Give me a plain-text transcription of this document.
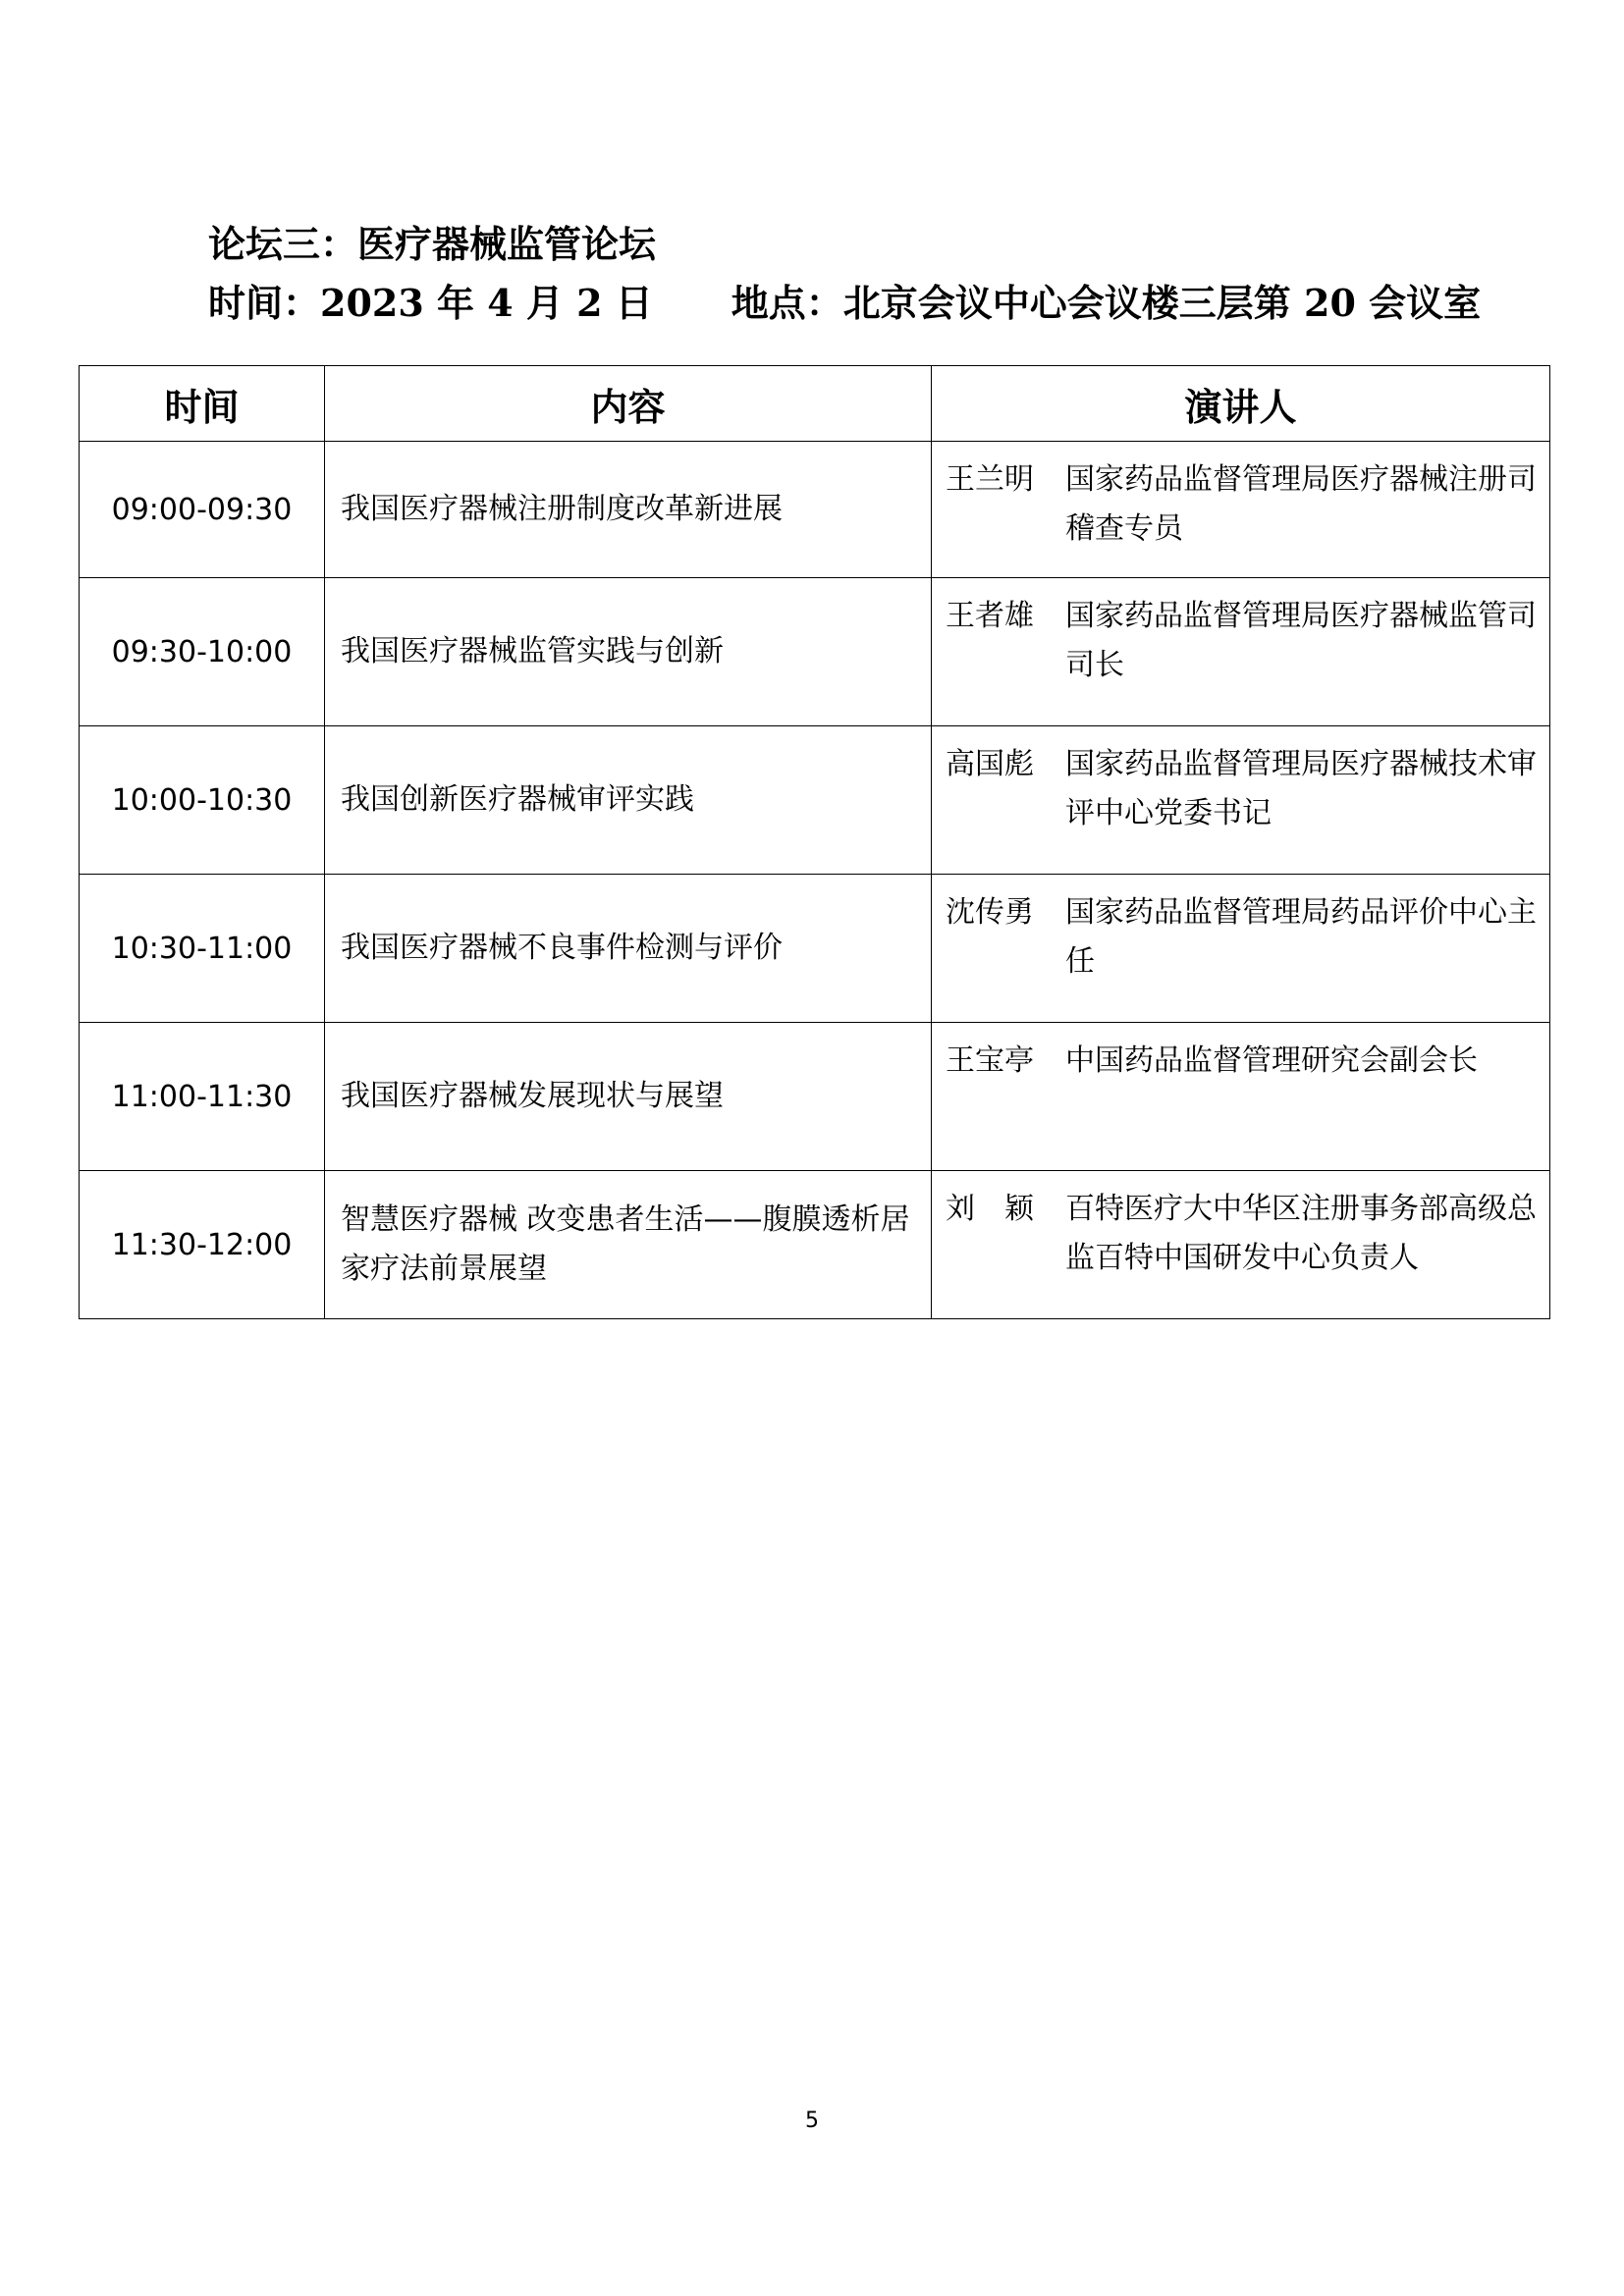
论坛三：医疗器械监管论坛
时间：2023 年 4 月 2 日 地点：北京会议中心会议楼三层第 20 会议室
时间	内容	演讲人
09:00-09:30	我国医疗器械注册制度改革新进展	王兰明 国家药品监督管理局医疗器械注册司稽查专员

09:30-10:00	我国医疗器械监管实践与创新	王者雄 国家药品监督管理局医疗器械监管司司长

10:00-10:30	我国创新医疗器械审评实践	高国彪 国家药品监督管理局医疗器械技术审评中心党委书记

10:30-11:00	我国医疗器械不良事件检测与评价	沈传勇 国家药品监督管理局药品评价中心主任

11:00-11:30	我国医疗器械发展现状与展望	王宝亭 中国药品监督管理研究会副会长

11:30-12:00	智慧医疗器械 改变患者生活——腹膜透析居家疗法前景展望	刘　颖 百特医疗大中华区注册事务部高级总监百特中国研发中心负责人
5
